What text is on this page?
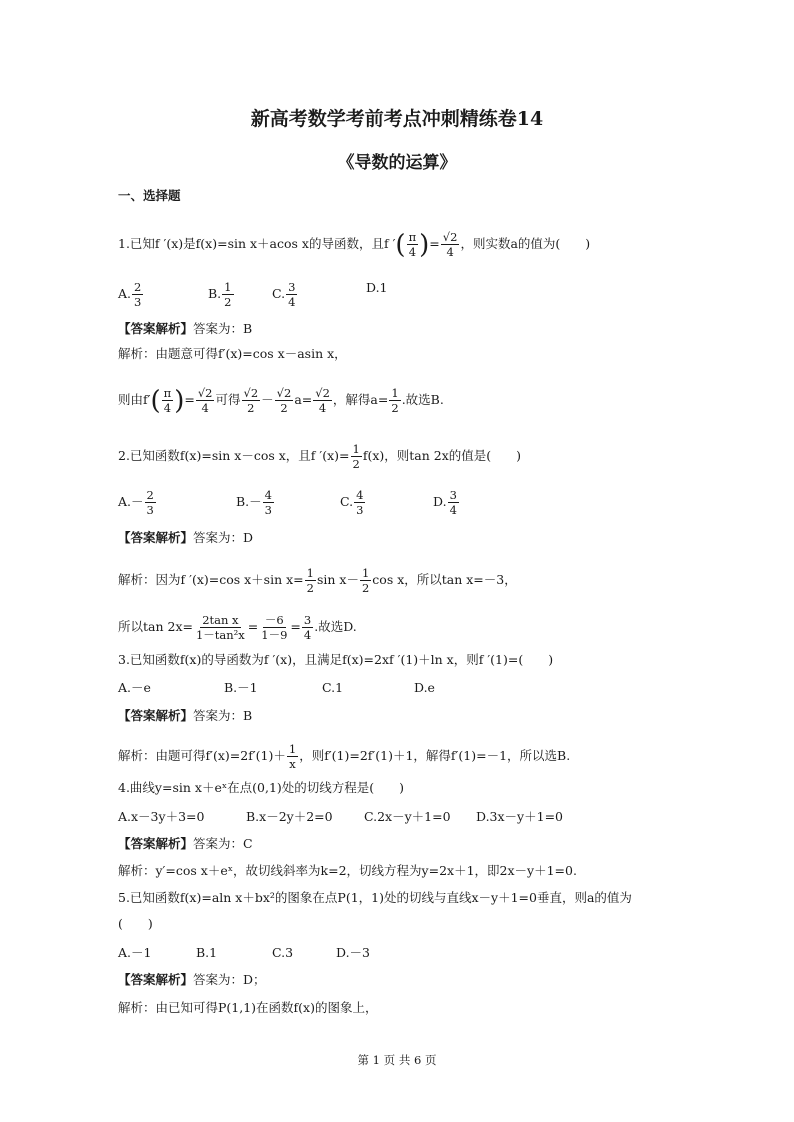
新高考数学考前考点冲刺精练卷14
《导数的运算》
一、选择题
1.已知f ′(x)是f(x)=sin x＋acos x的导函数，且f ′( $\frac{\pi}{4}$ )= $\frac{√2}{4}$ ，则实数a的值为(　　)
A. $\frac{2}{3}$	B. $\frac{1}{2}$	C. $\frac{3}{4}$	D.1
【答案解析】答案为：B
解析：由题意可得f′(x)=cos x－asin x，
则由$f'( \frac{\pi}{4}$ )= $\frac{√2}{4}$ 可得 $\frac{√2}{2} - \frac{√2}{2} a= \frac{√2}{4}$ ，解得$a= \frac{1}{2}$ .故选B.
2.已知函数f(x)=sin x－cos x，且f $'(x)= \frac{1}{2} f(x)$，则tan 2x的值是(　　)
$A.- \frac{2}{3}$	$B.- \frac{4}{3}$	C. $\frac{4}{3}$	D. $\frac{3}{4}$
【答案解析】答案为：D
解析：因为f ′(x)=cos x＋sin $x= \frac{1}{2}$ $\sin x- \frac{1}{2}$ cos x，所以tan x=－3，
所以$\tan 2x= \frac{\text{2tan x}}{\text{1－tan²x}} = \frac{-6}{1-9} = \frac{3}{4}$ .故选D.
3.已知函数f(x)的导函数为f ′(x)，且满足f(x)=2xf ′(1)＋ln x，则f ′(1)=(　　)
A.－e	B.－1	C.1	D.e
【答案解析】答案为：B
解析：由题可得$f'(x)=2f'(1)+ \frac{1}{x}$ ，则f′(1)=2f′(1)＋1，解得f′(1)=－1，所以选B.
4.曲线y=sin x＋eˣ在点(0,1)处的切线方程是(　　)
A.x－3y＋3=0	B.x－2y＋2=0	C.2x－y＋1=0 D.3x－y＋1=0
【答案解析】答案为：C
解析：y′=cos x＋eˣ，故切线斜率为k=2，切线方程为y=2x＋1，即2x－y＋1=0.
5.已知函数f(x)=aln x＋bx²的图象在点P(1，1)处的切线与直线x－y＋1=0垂直，则a的值为
(　　)
A.－1	B.1	C.3	D.－3
【答案解析】答案为：D；
解析：由已知可得P(1,1)在函数f(x)的图象上，
第 1 页 共 6 页
